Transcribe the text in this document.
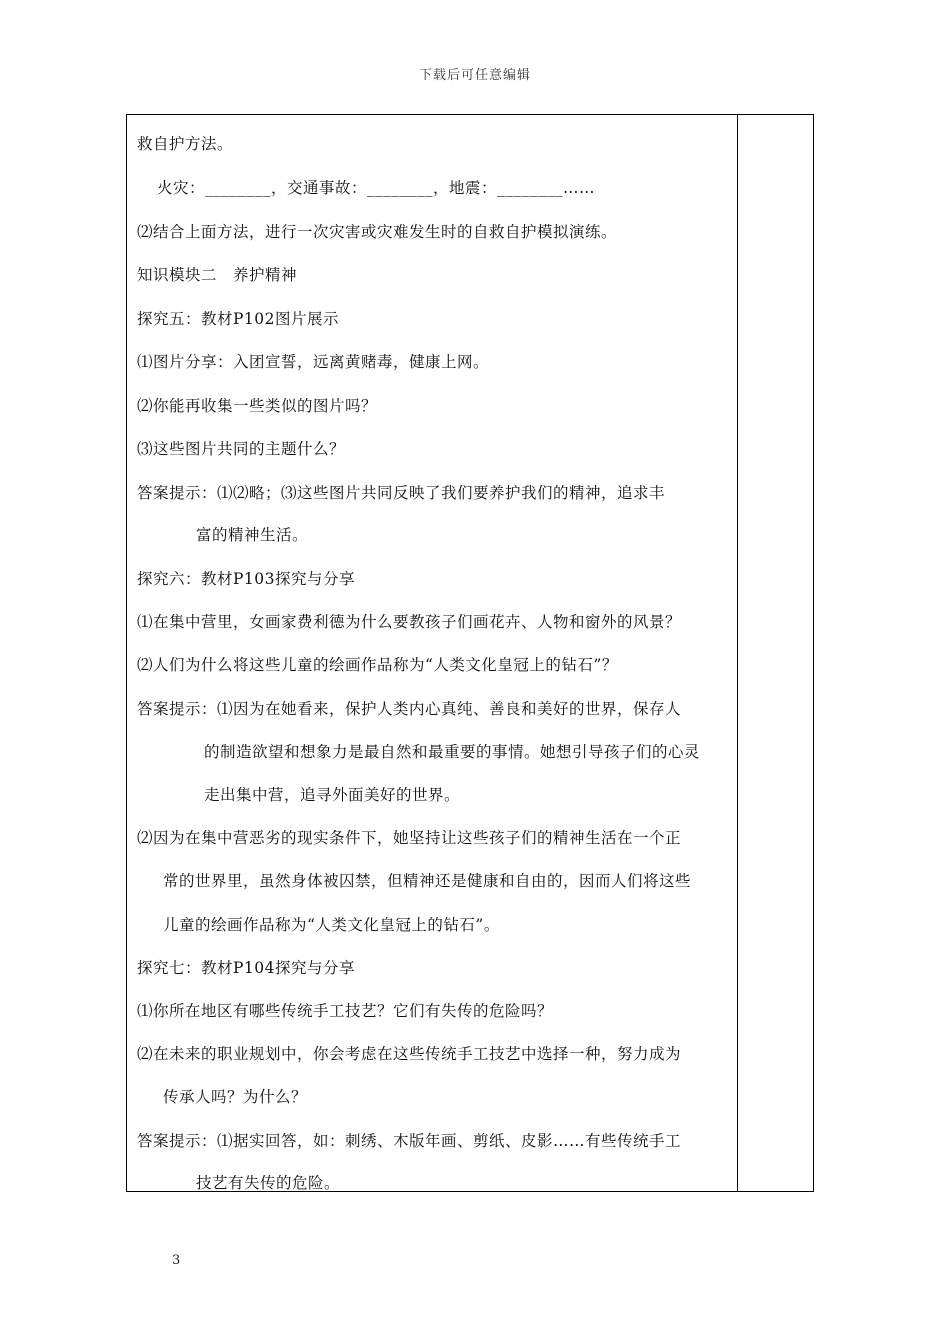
下载后可任意编辑
救自护方法。
火灾：________，交通事故：________，地震：________……
⑵结合上面方法，进行一次灾害或灾难发生时的自救自护模拟演练。
知识模块二　养护精神
探究五：教材P102图片展示
⑴图片分享：入团宣誓，远离黄赌毒，健康上网。
⑵你能再收集一些类似的图片吗？
⑶这些图片共同的主题什么？
答案提示：⑴⑵略；⑶这些图片共同反映了我们要养护我们的精神，追求丰
富的精神生活。
探究六：教材P103探究与分享
⑴在集中营里，女画家费利德为什么要教孩子们画花卉、人物和窗外的风景？
⑵人们为什么将这些儿童的绘画作品称为“人类文化皇冠上的钻石”？
答案提示：⑴因为在她看来，保护人类内心真纯、善良和美好的世界，保存人
的制造欲望和想象力是最自然和最重要的事情。她想引导孩子们的心灵
走出集中营，追寻外面美好的世界。
⑵因为在集中营恶劣的现实条件下，她坚持让这些孩子们的精神生活在一个正
常的世界里，虽然身体被囚禁，但精神还是健康和自由的，因而人们将这些
儿童的绘画作品称为“人类文化皇冠上的钻石”。
探究七：教材P104探究与分享
⑴你所在地区有哪些传统手工技艺？它们有失传的危险吗？
⑵在未来的职业规划中，你会考虑在这些传统手工技艺中选择一种，努力成为
传承人吗？为什么？
答案提示：⑴据实回答，如：刺绣、木版年画、剪纸、皮影……有些传统手工
技艺有失传的危险。
3
